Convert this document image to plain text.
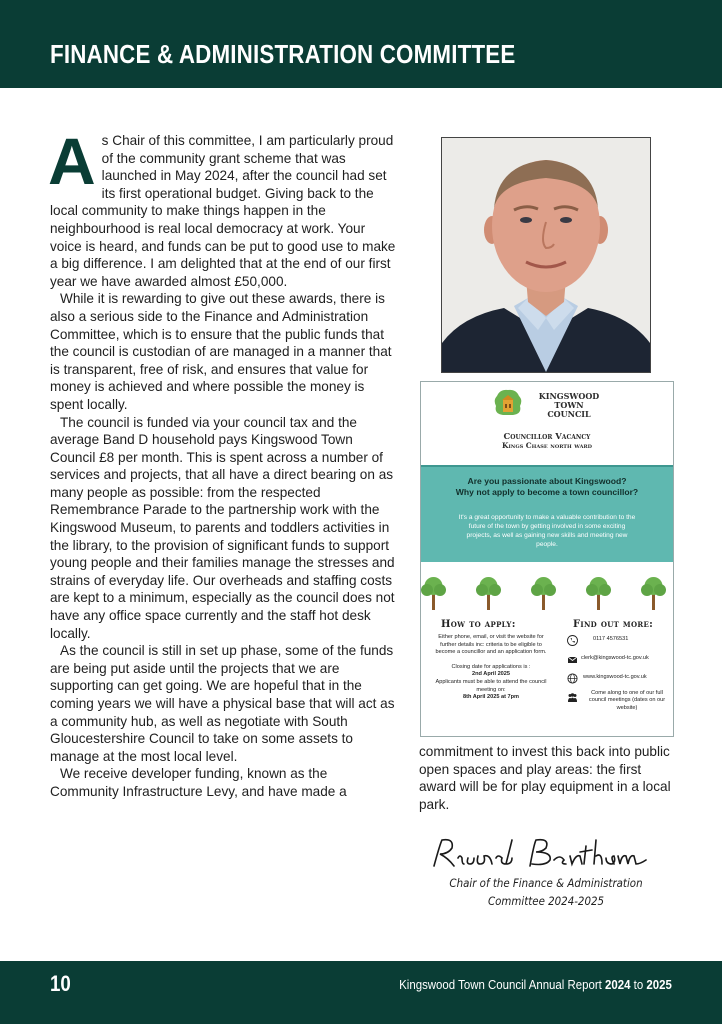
FINANCE & ADMINISTRATION COMMITTEE

As Chair of this committee, I am particularly proud of the community grant scheme that was launched in May 2024, after the council had set its first operational budget. Giving back to the local community to make things happen in the neighbourhood is real local democracy at work. Your voice is heard, and funds can be put to good use to make a big difference. I am delighted that at the end of our first year we have awarded almost £50,000.

While it is rewarding to give out these awards, there is also a serious side to the Finance and Administration Committee, which is to ensure that the public funds that the council is custodian of are managed in a manner that is transparent, free of risk, and ensures that value for money is achieved and where possible the money is spent locally.

The council is funded via your council tax and the average Band D household pays Kingswood Town Council £8 per month. This is spent across a number of services and projects, that all have a direct bearing on as many people as possible: from the respected Remembrance Parade to the partnership work with the Kingswood Museum, to parents and toddlers activities in the library, to the provision of significant funds to support young people and their families manage the stresses and strains of everyday life. Our overheads and staffing costs are kept to a minimum, especially as the council does not have any office space currently and the staff hot desk locally.

As the council is still in set up phase, some of the funds are being put aside until the projects that we are supporting can get going. We are hopeful that in the coming years we will have a physical base that will act as a community hub, as well as negotiate with South Gloucestershire Council to take on some assets to manage at the most local level.

We receive developer funding, known as the Community Infrastructure Levy, and have made a

KINGSWOOD
TOWN
COUNCIL
Councillor Vacancy
Kings Chase north ward
Are you passionate about Kingswood?
Why not apply to become a town councillor?
It's a great opportunity to make a valuable contribution to the future of the town by getting involved in some exciting projects, as well as gaining new skills and meeting new people.
How to apply:	Find out more:
Either phone, email, or visit the website for further details inc: criteria to be eligible to become a councillor and an application form.
Closing date for applications is :
2nd April 2025
Applicants must be able to attend the council meeting on:
8th April 2025 at 7pm
0117 4576531
clerk@kingswood-tc.gov.uk
www.kingswood-tc.gov.uk
Come along to one of our full council meetings (dates on our website)

commitment to invest this back into public open spaces and play areas: the first award will be for play equipment in a local park.

Chair of the Finance & Administration
Committee 2024-2025

10	Kingswood Town Council Annual Report 2024 to 2025
